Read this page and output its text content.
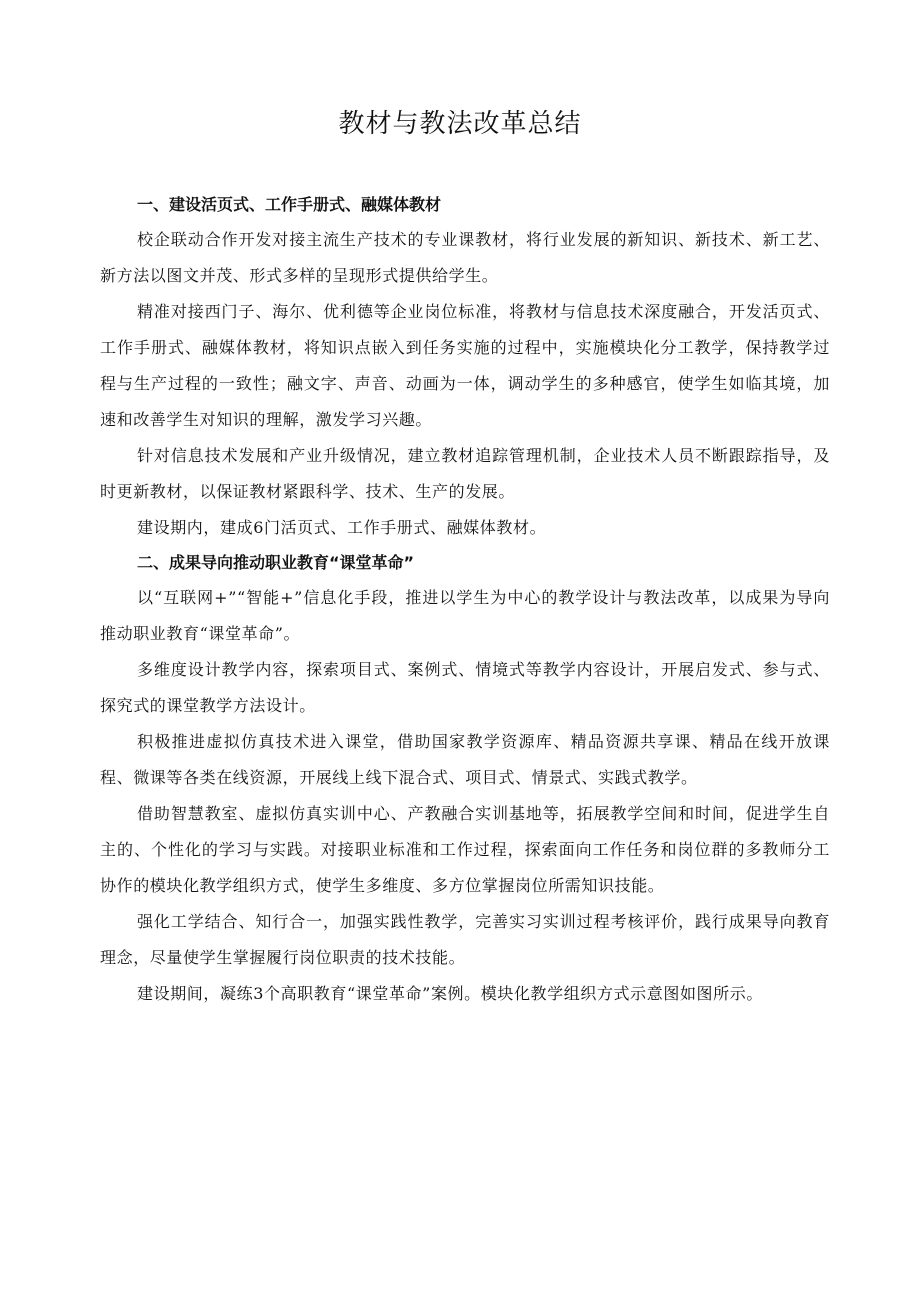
教材与教法改革总结

一、建设活页式、工作手册式、融媒体教材

校企联动合作开发对接主流生产技术的专业课教材，将行业发展的新知识、新技术、新工艺、新方法以图文并茂、形式多样的呈现形式提供给学生。

精准对接西门子、海尔、优利德等企业岗位标准，将教材与信息技术深度融合，开发活页式、工作手册式、融媒体教材，将知识点嵌入到任务实施的过程中，实施模块化分工教学，保持教学过程与生产过程的一致性；融文字、声音、动画为一体，调动学生的多种感官，使学生如临其境，加速和改善学生对知识的理解，激发学习兴趣。

针对信息技术发展和产业升级情况，建立教材追踪管理机制，企业技术人员不断跟踪指导，及时更新教材，以保证教材紧跟科学、技术、生产的发展。

建设期内，建成6门活页式、工作手册式、融媒体教材。

二、成果导向推动职业教育“课堂革命”

以“互联网+”“智能+”信息化手段，推进以学生为中心的教学设计与教法改革，以成果为导向推动职业教育“课堂革命”。

多维度设计教学内容，探索项目式、案例式、情境式等教学内容设计，开展启发式、参与式、探究式的课堂教学方法设计。

积极推进虚拟仿真技术进入课堂，借助国家教学资源库、精品资源共享课、精品在线开放课程、微课等各类在线资源，开展线上线下混合式、项目式、情景式、实践式教学。

借助智慧教室、虚拟仿真实训中心、产教融合实训基地等，拓展教学空间和时间，促进学生自主的、个性化的学习与实践。对接职业标准和工作过程，探索面向工作任务和岗位群的多教师分工协作的模块化教学组织方式，使学生多维度、多方位掌握岗位所需知识技能。

强化工学结合、知行合一，加强实践性教学，完善实习实训过程考核评价，践行成果导向教育理念，尽量使学生掌握履行岗位职责的技术技能。

建设期间，凝练3个高职教育“课堂革命”案例。模块化教学组织方式示意图如图所示。
